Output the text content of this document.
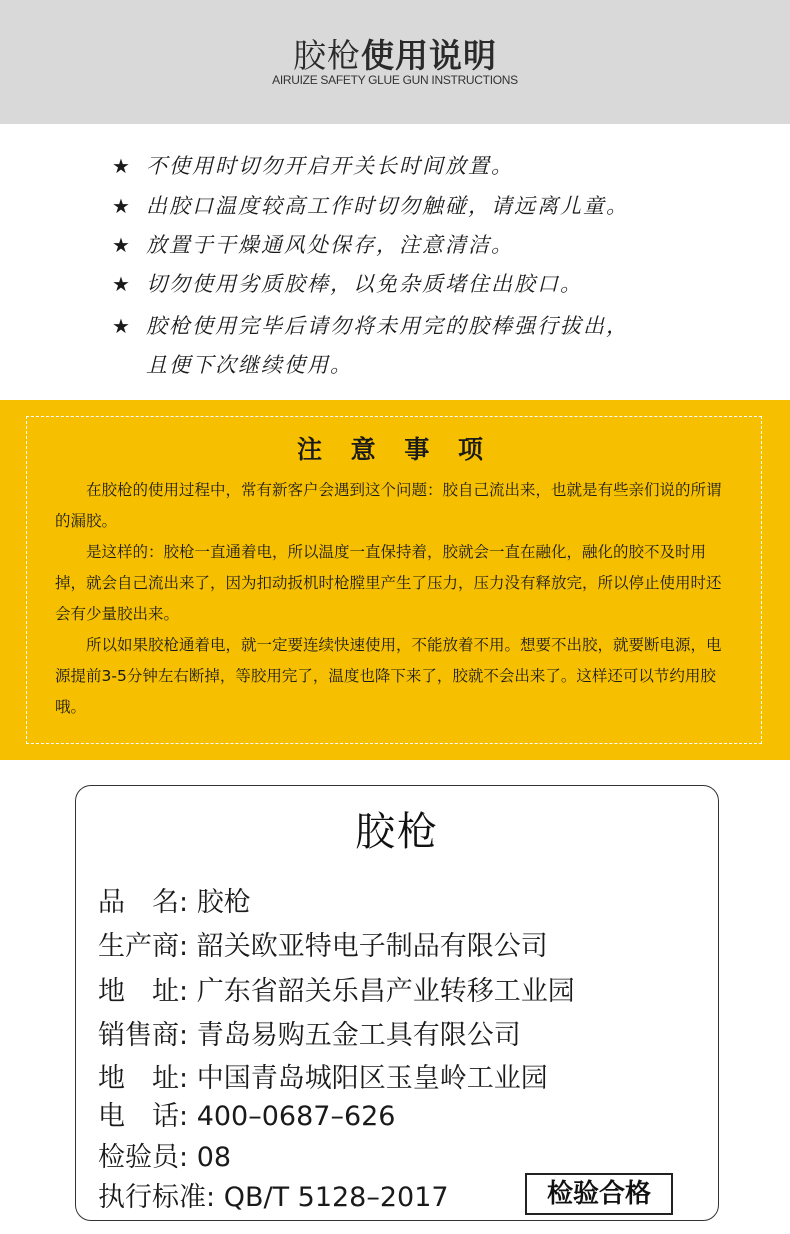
胶枪使用说明
AIRUIZE SAFETY GLUE GUN INSTRUCTIONS
★ 不使用时切勿开启开关长时间放置。
★ 出胶口温度较高工作时切勿触碰，请远离儿童。
★ 放置于干燥通风处保存，注意清洁。
★ 切勿使用劣质胶棒，以免杂质堵住出胶口。
★ 胶枪使用完毕后请勿将未用完的胶棒强行拔出，
且便下次继续使用。
注 意 事 项
在胶枪的使用过程中，常有新客户会遇到这个问题：胶自己流出来，也就是有些亲们说的所谓的漏胶。
是这样的：胶枪一直通着电，所以温度一直保持着，胶就会一直在融化，融化的胶不及时用掉，就会自己流出来了，因为扣动扳机时枪膛里产生了压力，压力没有释放完，所以停止使用时还会有少量胶出来。
所以如果胶枪通着电，就一定要连续快速使用，不能放着不用。想要不出胶，就要断电源，电源提前3-5分钟左右断掉，等胶用完了，温度也降下来了，胶就不会出来了。这样还可以节约用胶哦。
胶枪
品　名: 胶枪
生产商: 韶关欧亚特电子制品有限公司
地　址: 广东省韶关乐昌产业转移工业园
销售商: 青岛易购五金工具有限公司
地　址: 中国青岛城阳区玉皇岭工业园
电　话: 400–0687–626
检验员: 08
执行标准: QB/T 5128–2017	检验合格
